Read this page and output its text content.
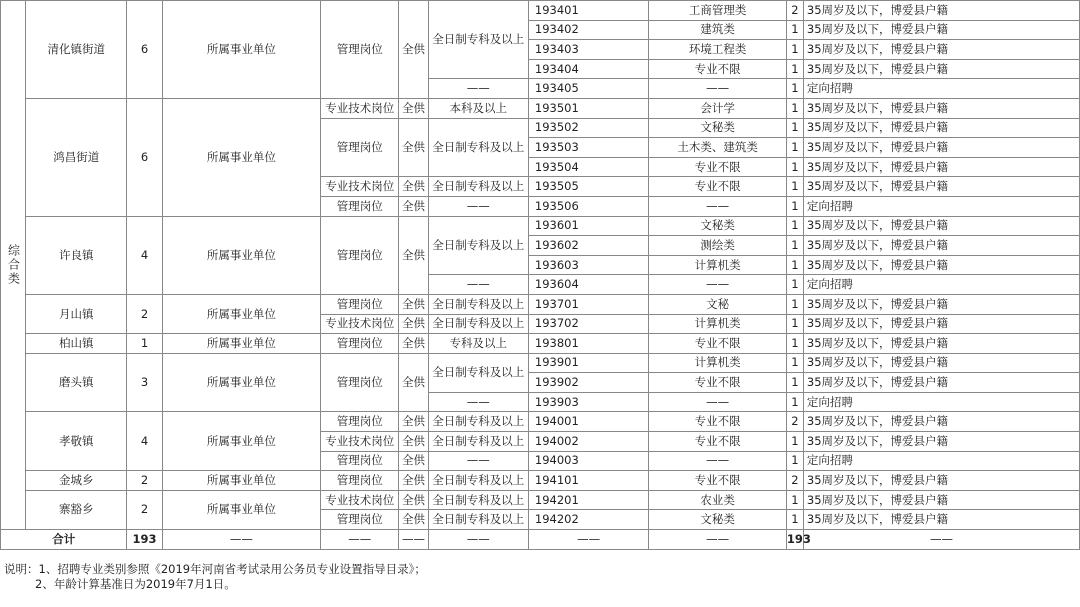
综合类	清化镇街道	6	所属事业单位	管理岗位	全供	全日制专科及以上	193401	工商管理类	2	35周岁及以下，博爱县户籍
							193402	建筑类	1	35周岁及以下，博爱县户籍
							193403	环境工程类	1	35周岁及以下，博爱县户籍
							193404	专业不限	1	35周岁及以下，博爱县户籍
						——	193405	——	1	定向招聘
	鸿昌街道	6	所属事业单位	专业技术岗位	全供	本科及以上	193501	会计学	1	35周岁及以下，博爱县户籍
				管理岗位	全供	全日制专科及以上	193502	文秘类	1	35周岁及以下，博爱县户籍
							193503	土木类、建筑类	1	35周岁及以下，博爱县户籍
							193504	专业不限	1	35周岁及以下，博爱县户籍
				专业技术岗位	全供	全日制专科及以上	193505	专业不限	1	35周岁及以下，博爱县户籍
				管理岗位	全供	——	193506	——	1	定向招聘
	许良镇	4	所属事业单位	管理岗位	全供	全日制专科及以上	193601	文秘类	1	35周岁及以下，博爱县户籍
							193602	测绘类	1	35周岁及以下，博爱县户籍
							193603	计算机类	1	35周岁及以下，博爱县户籍
						——	193604	——	1	定向招聘
	月山镇	2	所属事业单位	管理岗位	全供	全日制专科及以上	193701	文秘	1	35周岁及以下，博爱县户籍
				专业技术岗位	全供	全日制专科及以上	193702	计算机类	1	35周岁及以下，博爱县户籍
	柏山镇	1	所属事业单位	管理岗位	全供	专科及以上	193801	专业不限	1	35周岁及以下，博爱县户籍
	磨头镇	3	所属事业单位	管理岗位	全供	全日制专科及以上	193901	计算机类	1	35周岁及以下，博爱县户籍
							193902	专业不限	1	35周岁及以下，博爱县户籍
						——	193903	——	1	定向招聘
	孝敬镇	4	所属事业单位	管理岗位	全供	全日制专科及以上	194001	专业不限	2	35周岁及以下，博爱县户籍
				专业技术岗位	全供	全日制专科及以上	194002	专业不限	1	35周岁及以下，博爱县户籍
				管理岗位	全供	——	194003	——	1	定向招聘
	金城乡	2	所属事业单位	管理岗位	全供	全日制专科及以上	194101	专业不限	2	35周岁及以下，博爱县户籍
	寨豁乡	2	所属事业单位	专业技术岗位	全供	全日制专科及以上	194201	农业类	1	35周岁及以下，博爱县户籍
				管理岗位	全供	全日制专科及以上	194202	文秘类	1	35周岁及以下，博爱县户籍
合计		193	——	——	——	——	——	——	193	——
说明：1、招聘专业类别参照《2019年河南省考试录用公务员专业设置指导目录》；
2、年龄计算基准日为2019年7月1日。
